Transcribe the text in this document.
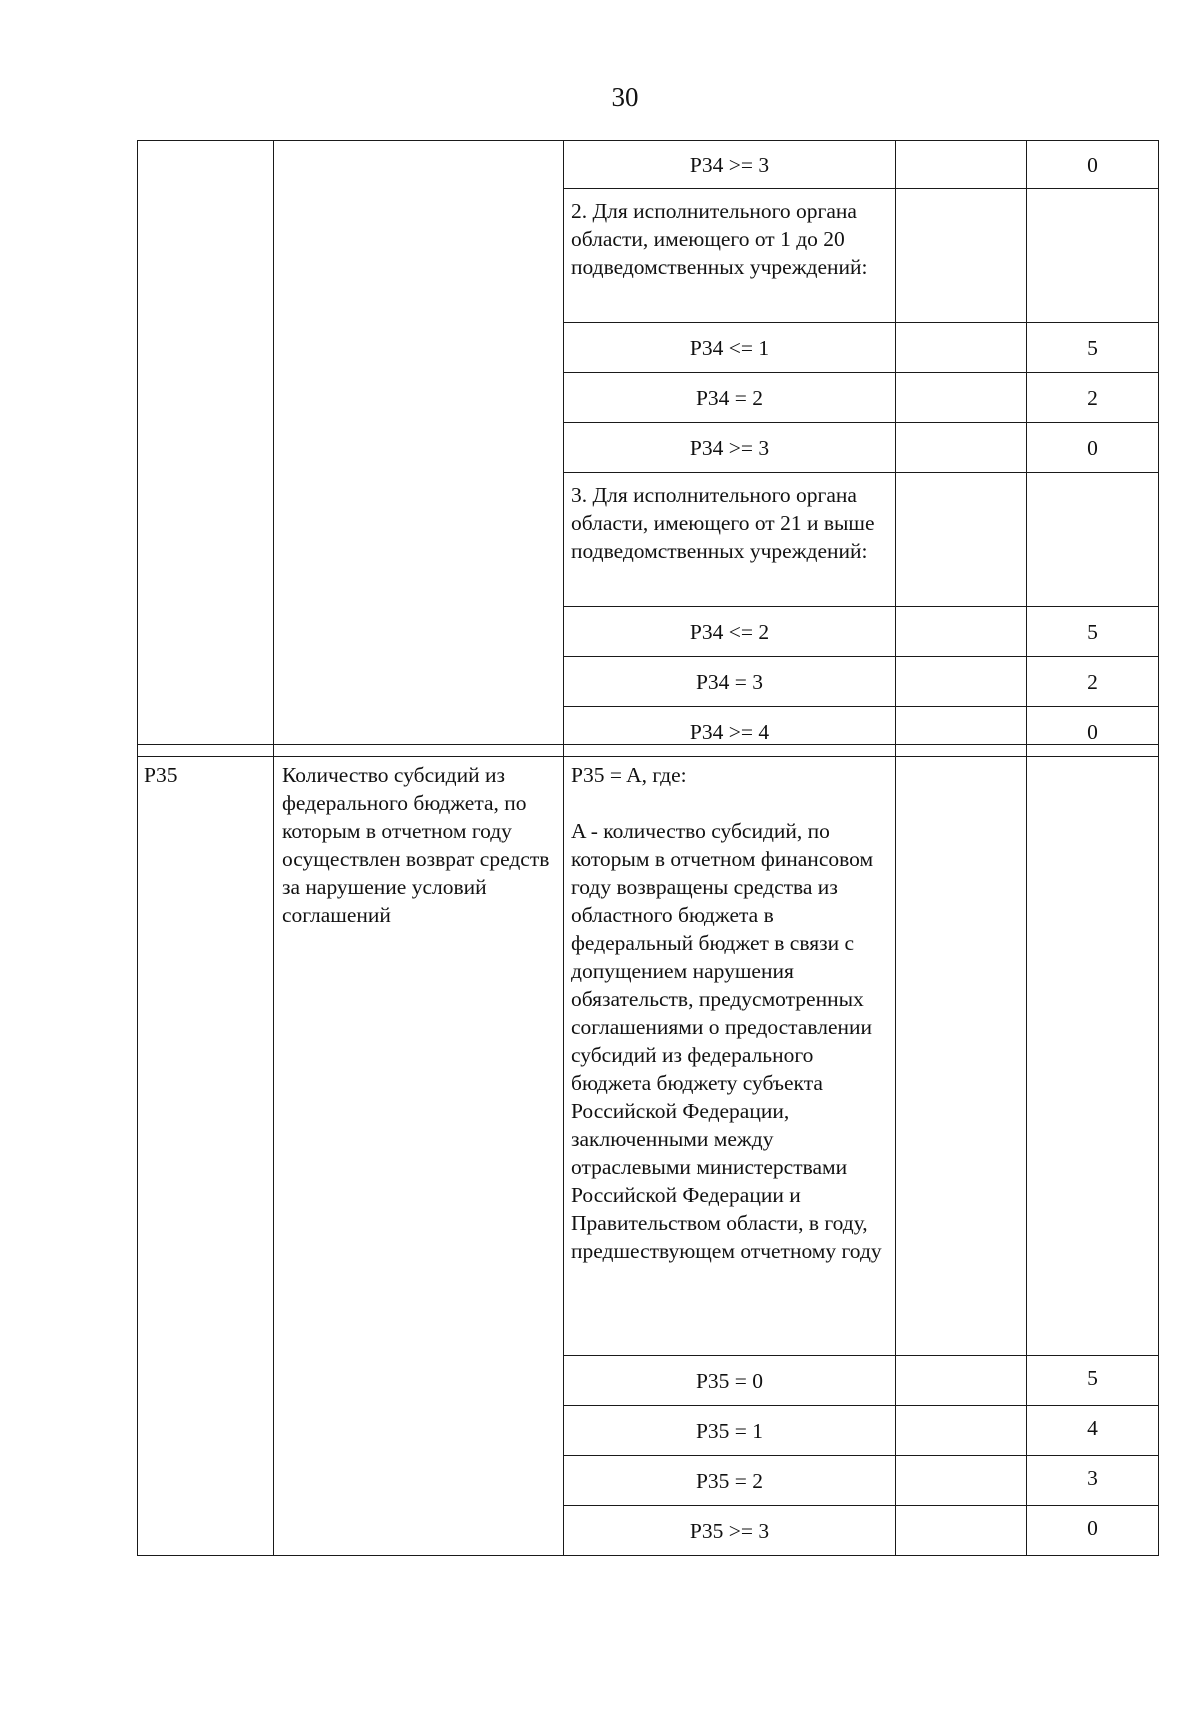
30
		P34 >= 3		0
		2. Для исполнительного органа области, имеющего от 1 до 20 подведомственных учреждений:		
		P34 <= 1		5
		P34 = 2		2
		P34 >= 3		0
		3. Для исполнительного органа области, имеющего от 21 и выше подведомственных учреждений:		
		P34 <= 2		5
		P34 = 3		2
		P34 >= 4		0
P35	Количество субсидий из федерального бюджета, по которым в отчетном году осуществлен возврат средств за нарушение условий соглашений	P35 = A, где:
A - количество субсидий, по которым в отчетном финансовом году возвращены средства из областного бюджета в федеральный бюджет в связи с допущением нарушения обязательств, предусмотренных соглашениями о предоставлении субсидий из федерального бюджета бюджету субъекта Российской Федерации, заключенными между отраслевыми министерствами Российской Федерации и Правительством области, в году, предшествующем отчетному году		
		P35 = 0		5
		P35 = 1		4
		P35 = 2		3
		P35 >= 3		0
